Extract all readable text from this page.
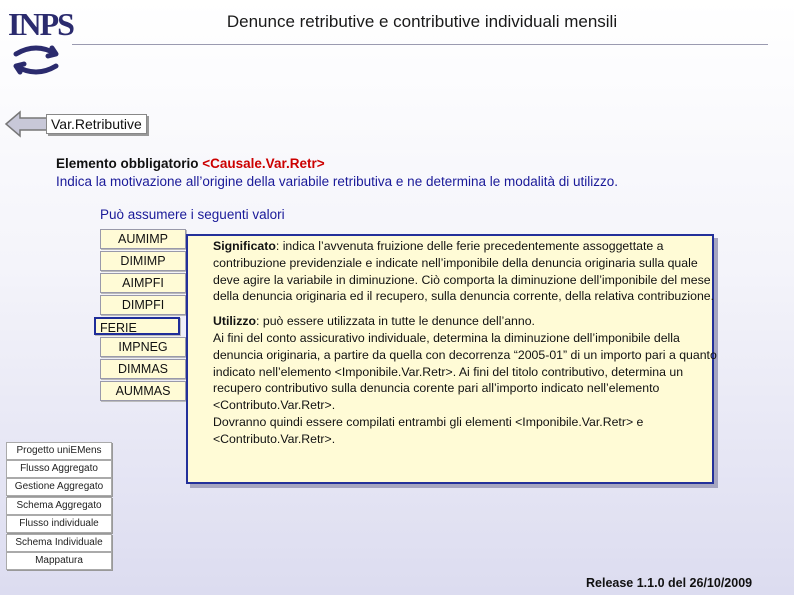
INPS	Denunce retributive e contributive individuali mensili
Var.Retributive
Elemento obbligatorio <Causale.Var.Retr>
Indica la motivazione all’origine della variabile retributiva e ne determina le modalità di utilizzo.
Può assumere i seguenti valori
AUMIMP
DIMIMP
AIMPFI
DIMPFI
FERIE
IMPNEG
DIMMAS
AUMMAS

Significato: indica l’avvenuta fruizione delle ferie precedentemente assoggettate a contribuzione previdenziale e indicate nell’imponibile della denuncia originaria sulla quale deve agire la variabile in diminuzione. Ciò comporta la diminuzione dell’imponibile del mese della denuncia originaria ed il recupero, sulla denuncia corrente, della relativa contribuzione.

Utilizzo: può essere utilizzata in tutte le denunce dell’anno.

Ai fini del conto assicurativo individuale, determina la diminuzione dell’imponibile della denuncia originaria, a partire da quella con decorrenza “2005-01” di un importo pari a quanto indicato nell’elemento <Imponibile.Var.Retr>. Ai fini del titolo contributivo, determina un recupero contributivo sulla denuncia corente pari all’importo indicato nell’elemento <Contributo.Var.Retr>.
Dovranno quindi essere compilati entrambi gli elementi <Imponibile.Var.Retr> e <Contributo.Var.Retr>.
Progetto uniEMens
Flusso Aggregato
Gestione Aggregato
Schema Aggregato
Flusso individuale
Schema Individuale
Mappatura
Release 1.1.0 del 26/10/2009
